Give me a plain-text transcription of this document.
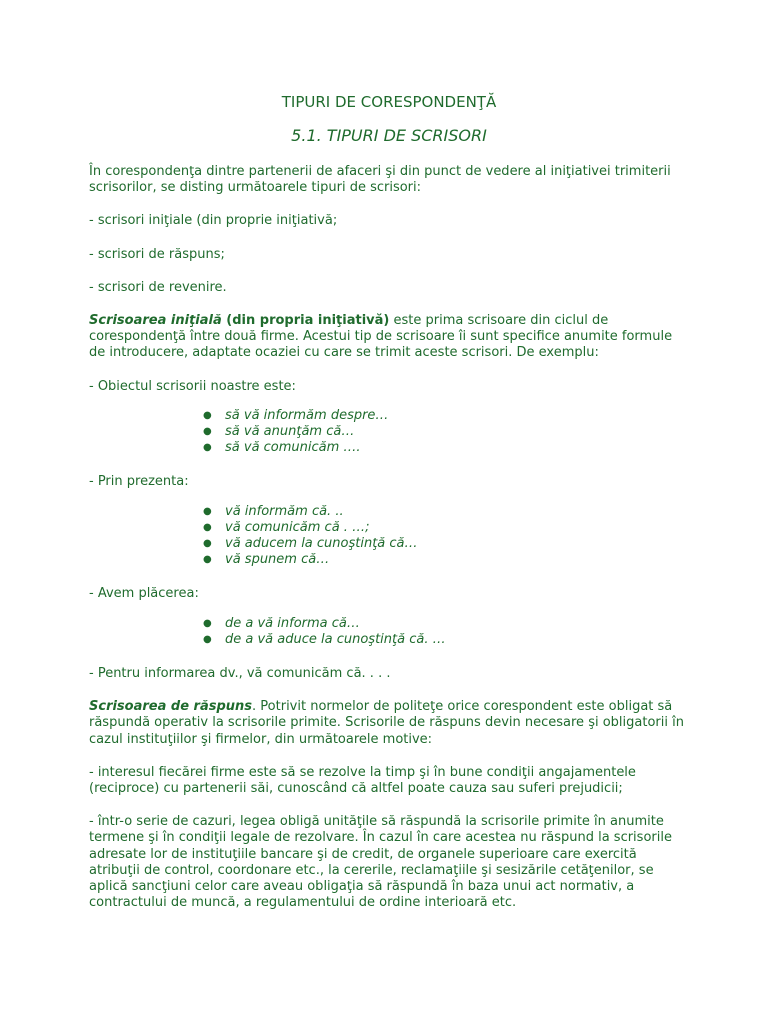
TIPURI DE CORESPONDENŢĂ
5.1. TIPURI DE SCRISORI

În corespondenţa dintre partenerii de afaceri şi din punct de vedere al iniţiativei trimiterii scrisorilor, se disting următoarele tipuri de scrisori:

- scrisori iniţiale (din proprie iniţiativă;

- scrisori de răspuns;

- scrisori de revenire.

Scrisoarea iniţială (din propria iniţiativă) este prima scrisoare din ciclul de corespondenţă între două firme. Acestui tip de scrisoare îi sunt specifice anumite formule de introducere, adaptate ocaziei cu care se trimit aceste scrisori. De exemplu:

- Obiectul scrisorii noastre este:

● să vă informăm despre…
● să vă anunţăm că…
● să vă comunicăm ….

- Prin prezenta:

● vă informăm că. ..
● vă comunicăm că . …;
● vă aducem la cunoştinţă că…
● vă spunem că…

- Avem plăcerea:

● de a vă informa că…
● de a vă aduce la cunoştinţă că. …

- Pentru informarea dv., vă comunicăm că. . . .

Scrisoarea de răspuns. Potrivit normelor de politeţe orice corespondent este obligat să răspundă operativ la scrisorile primite. Scrisorile de răspuns devin necesare şi obligatorii în cazul instituţiilor şi firmelor, din următoarele motive:

- interesul fiecărei firme este să se rezolve la timp şi în bune condiţii angajamentele (reciproce) cu partenerii săi, cunoscând că altfel poate cauza sau suferi prejudicii;

- într-o serie de cazuri, legea obligă unităţile să răspundă la scrisorile primite în anumite termene şi în condiţii legale de rezolvare. În cazul în care acestea nu răspund la scrisorile adresate lor de instituţiile bancare şi de credit, de organele superioare care exercită atribuţii de control, coordonare etc., la cererile, reclamaţiile şi sesizările cetăţenilor, se aplică sancţiuni celor care aveau obligaţia să răspundă în baza unui act normativ, a contractului de muncă, a regulamentului de ordine interioară etc.
